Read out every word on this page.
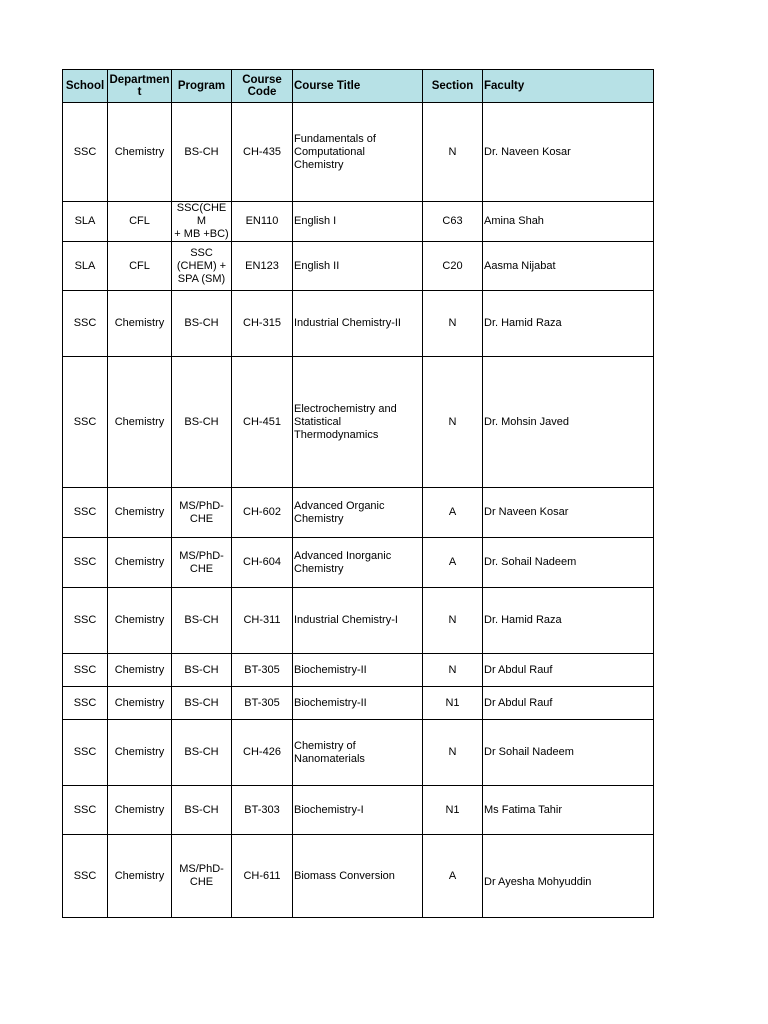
School	Departmen
t	Program	Course
Code	Course Title	Section	Faculty
SSC	Chemistry	BS-CH	CH-435	Fundamentals of
Computational
Chemistry	N	Dr. Naveen Kosar
SLA	CFL	SSC(CHEM
+ MB +BC)	EN110	English I	C63	Amina Shah
SLA	CFL	SSC
(CHEM) +
SPA (SM)	EN123	English II	C20	Aasma Nijabat
SSC	Chemistry	BS-CH	CH-315	Industrial Chemistry-II	N	Dr. Hamid Raza
SSC	Chemistry	BS-CH	CH-451	Electrochemistry and
Statistical
Thermodynamics	N	Dr. Mohsin Javed
SSC	Chemistry	MS/PhD-
CHE	CH-602	Advanced Organic
Chemistry	A	Dr Naveen Kosar
SSC	Chemistry	MS/PhD-
CHE	CH-604	Advanced Inorganic
Chemistry	A	Dr. Sohail Nadeem
SSC	Chemistry	BS-CH	CH-311	Industrial Chemistry-I	N	Dr. Hamid Raza
SSC	Chemistry	BS-CH	BT-305	Biochemistry-II	N	Dr Abdul Rauf
SSC	Chemistry	BS-CH	BT-305	Biochemistry-II	N1	Dr Abdul Rauf
SSC	Chemistry	BS-CH	CH-426	Chemistry of
Nanomaterials	N	Dr Sohail Nadeem
SSC	Chemistry	BS-CH	BT-303	Biochemistry-I	N1	Ms Fatima Tahir
SSC	Chemistry	MS/PhD-
CHE	CH-611	Biomass Conversion	A	Dr Ayesha Mohyuddin
